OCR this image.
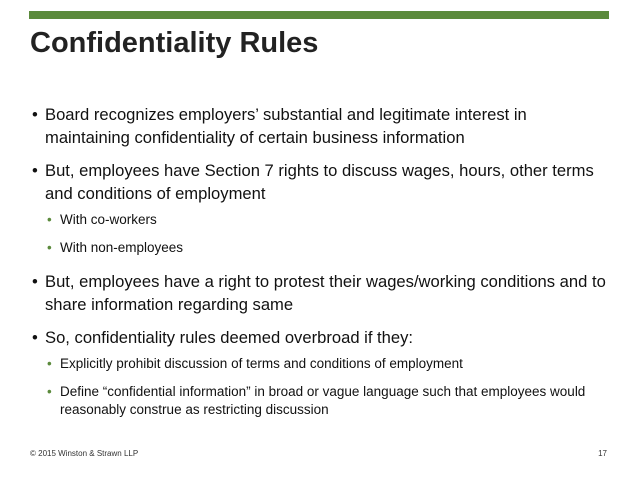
Confidentiality Rules
• Board recognizes employers’ substantial and legitimate interest in maintaining confidentiality of certain business information
• But, employees have Section 7 rights to discuss wages, hours, other terms and conditions of employment
• With co-workers
• With non-employees
• But, employees have a right to protest their wages/working conditions and to share information regarding same
• So, confidentiality rules deemed overbroad if they:
• Explicitly prohibit discussion of terms and conditions of employment
• Define “confidential information” in broad or vague language such that employees would reasonably construe as restricting discussion
© 2015 Winston & Strawn LLP	17
